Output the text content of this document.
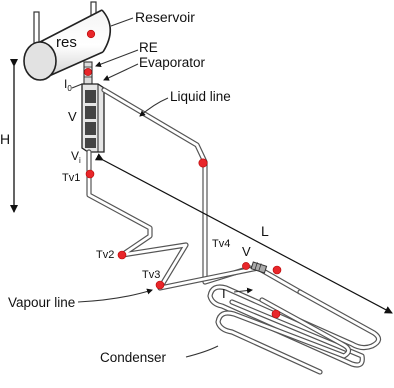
Reservoir
res	RE
Evaporator
Liquid line
$I_0$
V
$V_i$
Tv1
Tv2
Tv3
Tv4 V
I
Vapour line
Condenser
H
L
